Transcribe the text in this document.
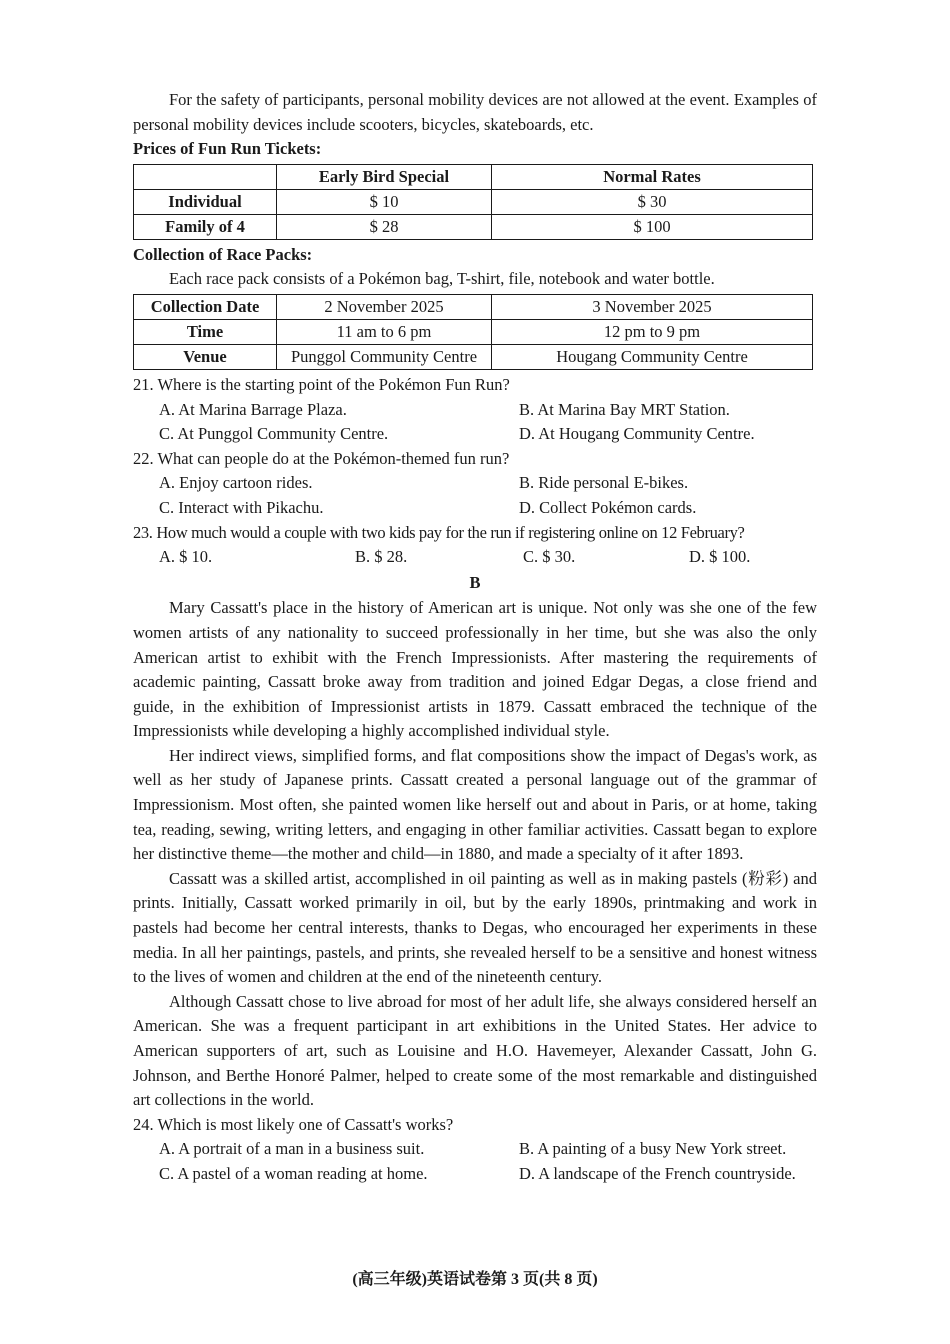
For the safety of participants, personal mobility devices are not allowed at the event. Examples of personal mobility devices include scooters, bicycles, skateboards, etc.

Prices of Fun Run Tickets:

	Early Bird Special	Normal Rates
Individual	$ 10	$ 30
Family of 4	$ 28	$ 100

Collection of Race Packs:

Each race pack consists of a Pokémon bag, T-shirt, file, notebook and water bottle.

Collection Date	2 November 2025	3 November 2025
Time	11 am to 6 pm	12 pm to 9 pm
Venue	Punggol Community Centre	Hougang Community Centre

21. Where is the starting point of the Pokémon Fun Run?

A. At Marina Barrage Plaza.	B. At Marina Bay MRT Station.
C. At Punggol Community Centre.	D. At Hougang Community Centre.

22. What can people do at the Pokémon-themed fun run?

A. Enjoy cartoon rides.	B. Ride personal E-bikes.
C. Interact with Pikachu.	D. Collect Pokémon cards.

23. How much would a couple with two kids pay for the run if registering online on 12 February?

A. $ 10.	B. $ 28.	C. $ 30.	D. $ 100.

B

Mary Cassatt's place in the history of American art is unique. Not only was she one of the few women artists of any nationality to succeed professionally in her time, but she was also the only American artist to exhibit with the French Impressionists. After mastering the requirements of academic painting, Cassatt broke away from tradition and joined Edgar Degas, a close friend and guide, in the exhibition of Impressionist artists in 1879. Cassatt embraced the technique of the Impressionists while developing a highly accomplished individual style.

Her indirect views, simplified forms, and flat compositions show the impact of Degas's work, as well as her study of Japanese prints. Cassatt created a personal language out of the grammar of Impressionism. Most often, she painted women like herself out and about in Paris, or at home, taking tea, reading, sewing, writing letters, and engaging in other familiar activities. Cassatt began to explore her distinctive theme—the mother and child—in 1880, and made a specialty of it after 1893.

Cassatt was a skilled artist, accomplished in oil painting as well as in making pastels (粉彩) and prints. Initially, Cassatt worked primarily in oil, but by the early 1890s, printmaking and work in pastels had become her central interests, thanks to Degas, who encouraged her experiments in these media. In all her paintings, pastels, and prints, she revealed herself to be a sensitive and honest witness to the lives of women and children at the end of the nineteenth century.

Although Cassatt chose to live abroad for most of her adult life, she always considered herself an American. She was a frequent participant in art exhibitions in the United States. Her advice to American supporters of art, such as Louisine and H.O. Havemeyer, Alexander Cassatt, John G. Johnson, and Berthe Honoré Palmer, helped to create some of the most remarkable and distinguished art collections in the world.

24. Which is most likely one of Cassatt's works?

A. A portrait of a man in a business suit.	B. A painting of a busy New York street.
C. A pastel of a woman reading at home.	D. A landscape of the French countryside.
(高三年级)英语试卷第 3 页(共 8 页)
